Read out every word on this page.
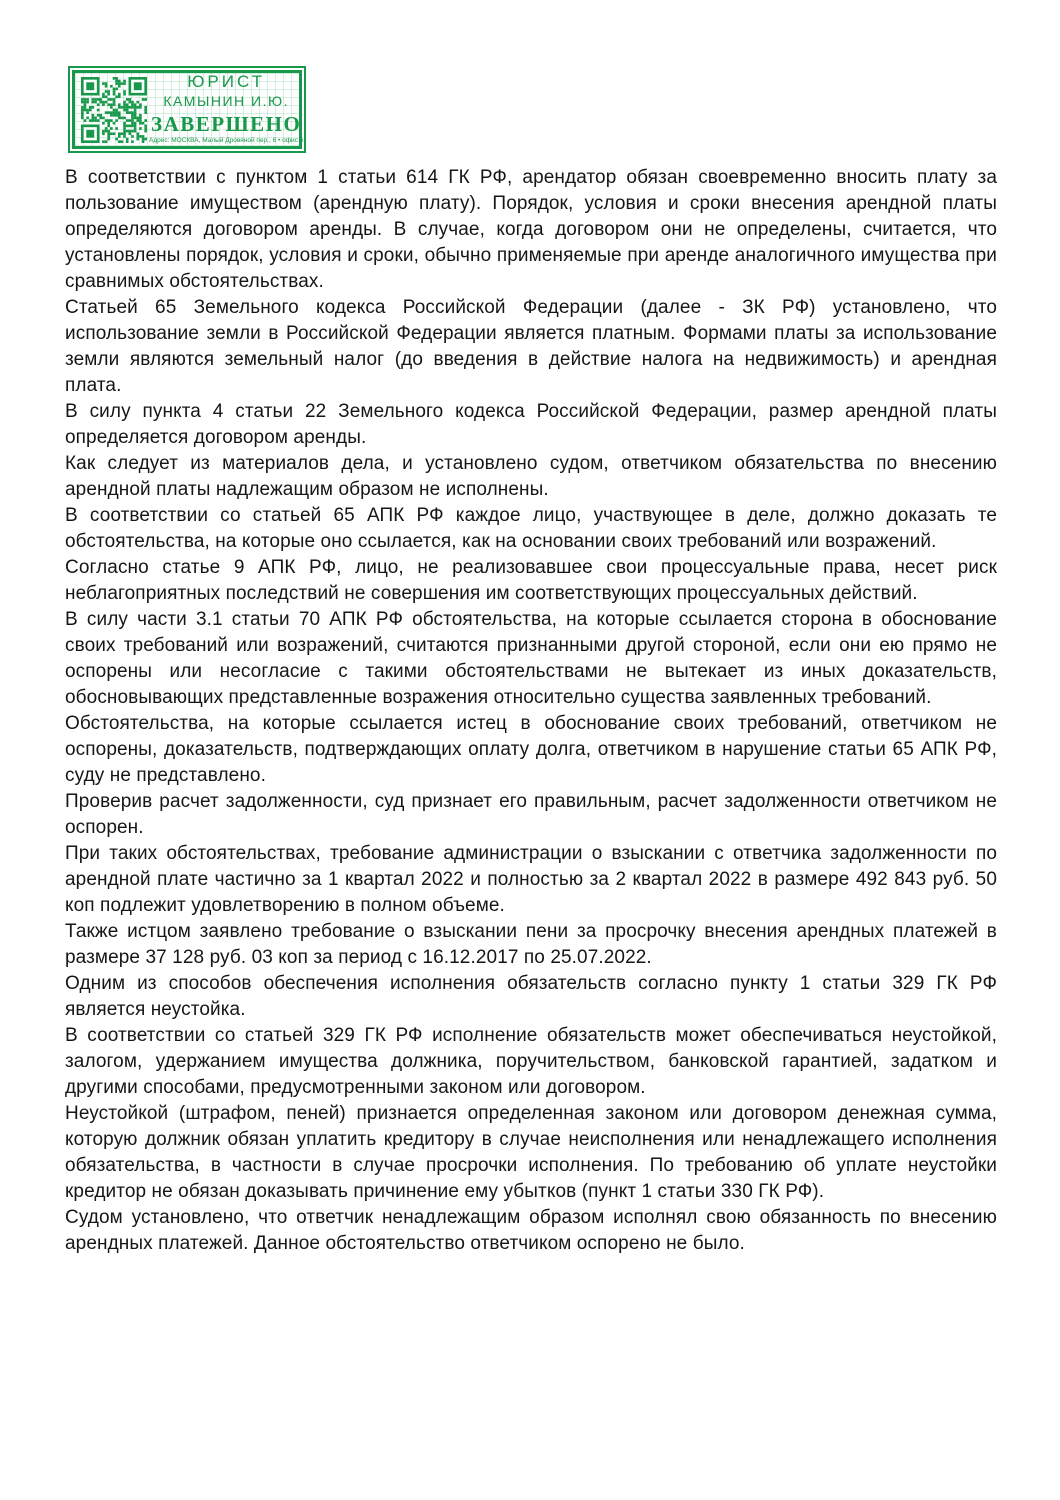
ЮРИСТ
КАМЫНИН И.Ю.
ЗАВЕРШЕНО
Адрес: МОСКВА, Малый Дровяной пер., 6 • офис 6

В соответствии с пунктом 1 статьи 614 ГК РФ, арендатор обязан своевременно вносить плату за пользование имуществом (арендную плату). Порядок, условия и сроки внесения арендной платы определяются договором аренды. В случае, когда договором они не определены, считается, что установлены порядок, условия и сроки, обычно применяемые при аренде аналогичного имущества при сравнимых обстоятельствах.

Статьей 65 Земельного кодекса Российской Федерации (далее - ЗК РФ) установлено, что использование земли в Российской Федерации является платным. Формами платы за использование земли являются земельный налог (до введения в действие налога на недвижимость) и арендная плата.

В силу пункта 4 статьи 22 Земельного кодекса Российской Федерации, размер арендной платы определяется договором аренды.

Как следует из материалов дела, и установлено судом, ответчиком обязательства по внесению арендной платы надлежащим образом не исполнены.

В соответствии со статьей 65 АПК РФ каждое лицо, участвующее в деле, должно доказать те обстоятельства, на которые оно ссылается, как на основании своих требований или возражений.

Согласно статье 9 АПК РФ, лицо, не реализовавшее свои процессуальные права, несет риск неблагоприятных последствий не совершения им соответствующих процессуальных действий.

В силу части 3.1 статьи 70 АПК РФ обстоятельства, на которые ссылается сторона в обоснование своих требований или возражений, считаются признанными другой стороной, если они ею прямо не оспорены или несогласие с такими обстоятельствами не вытекает из иных доказательств, обосновывающих представленные возражения относительно существа заявленных требований.

Обстоятельства, на которые ссылается истец в обоснование своих требований, ответчиком не оспорены, доказательств, подтверждающих оплату долга, ответчиком в нарушение статьи 65 АПК РФ, суду не представлено.

Проверив расчет задолженности, суд признает его правильным, расчет задолженности ответчиком не оспорен.

При таких обстоятельствах, требование администрации о взыскании с ответчика задолженности по арендной плате частично за 1 квартал 2022 и полностью за 2 квартал 2022 в размере 492 843 руб. 50 коп подлежит удовлетворению в полном объеме.

Также истцом заявлено требование о взыскании пени за просрочку внесения арендных платежей в размере 37 128 руб. 03 коп за период с 16.12.2017 по 25.07.2022.

Одним из способов обеспечения исполнения обязательств согласно пункту 1 статьи 329 ГК РФ является неустойка.

В соответствии со статьей 329 ГК РФ исполнение обязательств может обеспечиваться неустойкой, залогом, удержанием имущества должника, поручительством, банковской гарантией, задатком и другими способами, предусмотренными законом или договором.

Неустойкой (штрафом, пеней) признается определенная законом или договором денежная сумма, которую должник обязан уплатить кредитору в случае неисполнения или ненадлежащего исполнения обязательства, в частности в случае просрочки исполнения. По требованию об уплате неустойки кредитор не обязан доказывать причинение ему убытков (пункт 1 статьи 330 ГК РФ).

Судом установлено, что ответчик ненадлежащим образом исполнял свою обязанность по внесению арендных платежей. Данное обстоятельство ответчиком оспорено не было.
